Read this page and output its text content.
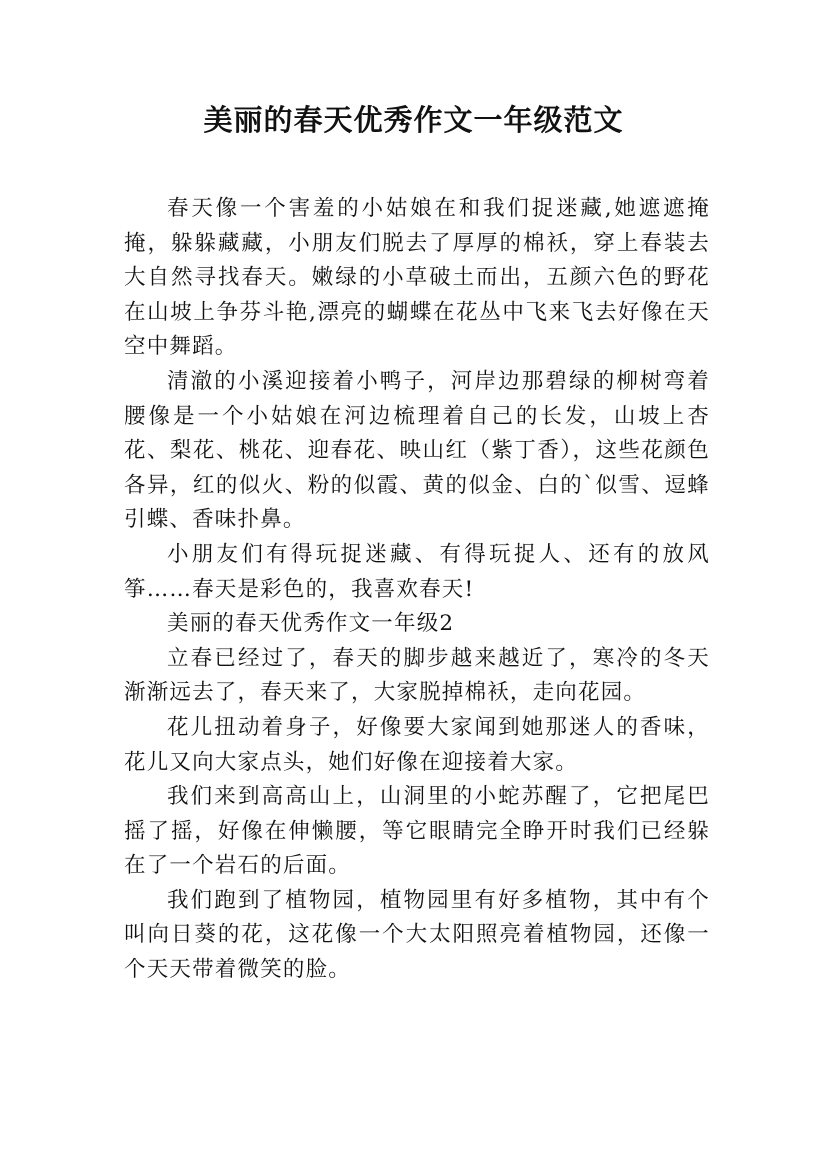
美丽的春天优秀作文一年级范文

春天像一个害羞的小姑娘在和我们捉迷藏,她遮遮掩掩，躲躲藏藏，小朋友们脱去了厚厚的棉袄，穿上春装去大自然寻找春天。嫩绿的小草破土而出，五颜六色的野花在山坡上争芬斗艳,漂亮的蝴蝶在花丛中飞来飞去好像在天空中舞蹈。

清澈的小溪迎接着小鸭子，河岸边那碧绿的柳树弯着腰像是一个小姑娘在河边梳理着自己的长发，山坡上杏花、梨花、桃花、迎春花、映山红（紫丁香），这些花颜色各异，红的似火、粉的似霞、黄的似金、白的`似雪、逗蜂引蝶、香味扑鼻。

小朋友们有得玩捉迷藏、有得玩捉人、还有的放风筝……春天是彩色的，我喜欢春天!

美丽的春天优秀作文一年级2

立春已经过了，春天的脚步越来越近了，寒冷的冬天渐渐远去了，春天来了，大家脱掉棉袄，走向花园。

花儿扭动着身子，好像要大家闻到她那迷人的香味，花儿又向大家点头，她们好像在迎接着大家。

我们来到高高山上，山洞里的小蛇苏醒了，它把尾巴摇了摇，好像在伸懒腰，等它眼睛完全睁开时我们已经躲在了一个岩石的后面。

我们跑到了植物园，植物园里有好多植物，其中有个叫向日葵的花，这花像一个大太阳照亮着植物园，还像一个天天带着微笑的脸。
